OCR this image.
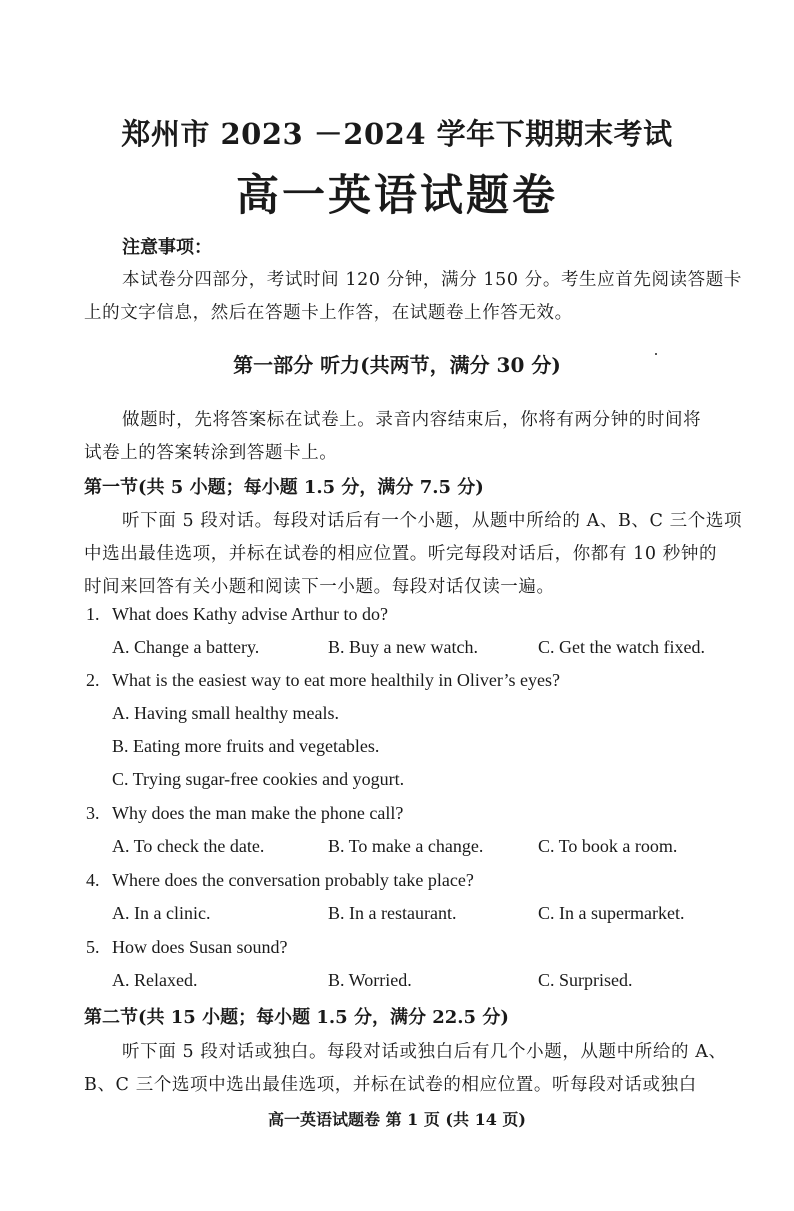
郑州市 2023 －2024 学年下期期末考试
高一英语试题卷
注意事项：
本试卷分四部分，考试时间 120 分钟，满分 150 分。考生应首先阅读答题卡
上的文字信息，然后在答题卡上作答，在试题卷上作答无效。
第一部分 听力(共两节，满分 30 分)
做题时，先将答案标在试卷上。录音内容结束后，你将有两分钟的时间将
试卷上的答案转涂到答题卡上。
第一节(共 5 小题；每小题 1.5 分，满分 7.5 分)
听下面 5 段对话。每段对话后有一个小题，从题中所给的 A、B、C 三个选项
中选出最佳选项，并标在试卷的相应位置。听完每段对话后，你都有 10 秒钟的
时间来回答有关小题和阅读下一小题。每段对话仅读一遍。
1. What does Kathy advise Arthur to do?
A. Change a battery.	B. Buy a new watch.	C. Get the watch fixed.
2. What is the easiest way to eat more healthily in Oliver’s eyes?
A. Having small healthy meals.
B. Eating more fruits and vegetables.
C. Trying sugar-free cookies and yogurt.
3. Why does the man make the phone call?
A. To check the date.	B. To make a change.	C. To book a room.
4. Where does the conversation probably take place?
A. In a clinic.	B. In a restaurant.	C. In a supermarket.
5. How does Susan sound?
A. Relaxed.	B. Worried.	C. Surprised.
第二节(共 15 小题；每小题 1.5 分，满分 22.5 分)
听下面 5 段对话或独白。每段对话或独白后有几个小题，从题中所给的 A、
B、C 三个选项中选出最佳选项，并标在试卷的相应位置。听每段对话或独白
高一英语试题卷 第 1 页 (共 14 页)
